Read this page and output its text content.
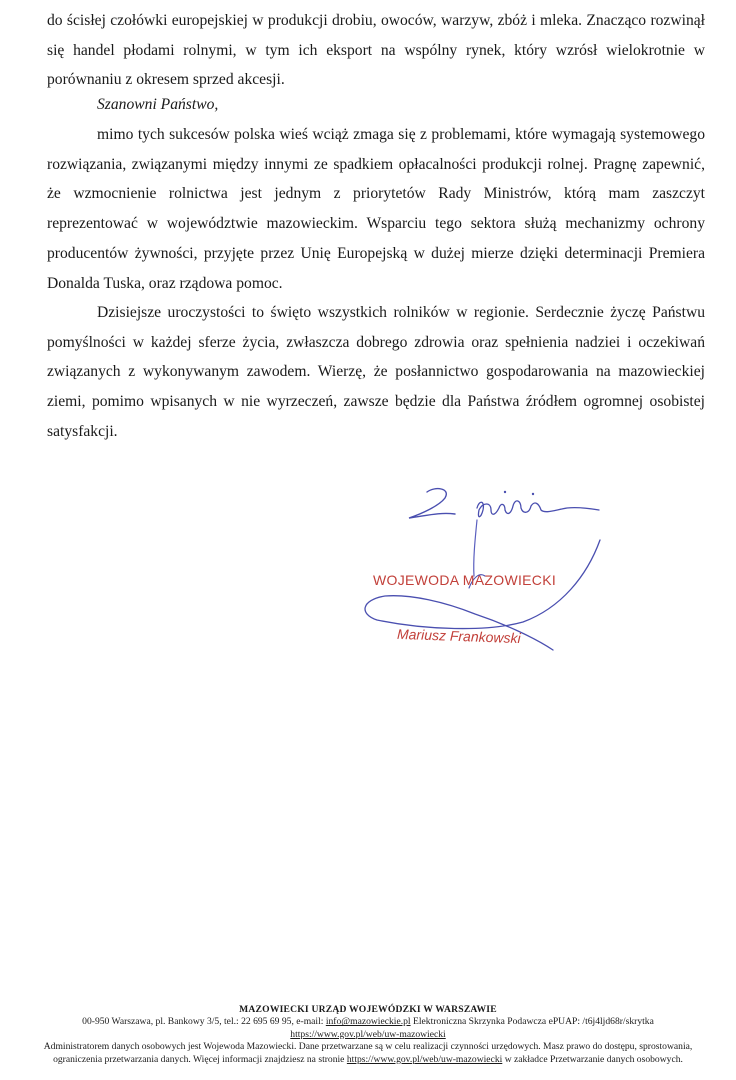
do ścisłej czołówki europejskiej w produkcji drobiu, owoców, warzyw, zbóż i mleka. Znacząco rozwinął się handel płodami rolnymi, w tym ich eksport na wspólny rynek, który wzrósł wielokrotnie w porównaniu z okresem sprzed akcesji.

Szanowni Państwo,

mimo tych sukcesów polska wieś wciąż zmaga się z problemami, które wymagają systemowego rozwiązania, związanymi między innymi ze spadkiem opłacalności produkcji rolnej. Pragnę zapewnić, że wzmocnienie rolnictwa jest jednym z priorytetów Rady Ministrów, którą mam zaszczyt reprezentować w województwie mazowieckim. Wsparciu tego sektora służą mechanizmy ochrony producentów żywności, przyjęte przez Unię Europejską w dużej mierze dzięki determinacji Premiera Donalda Tuska, oraz rządowa pomoc.

Dzisiejsze uroczystości to święto wszystkich rolników w regionie. Serdecznie życzę Państwu pomyślności w każdej sferze życia, zwłaszcza dobrego zdrowia oraz spełnienia nadziei i oczekiwań związanych z wykonywanym zawodem. Wierzę, że posłannictwo gospodarowania na mazowieckiej ziemi, pomimo wpisanych w nie wyrzeczeń, zawsze będzie dla Państwa źródłem ogromnej osobistej satysfakcji.

WOJEWODA MAZOWIECKI
Mariusz Frankowski
MAZOWIECKI URZĄD WOJEWÓDZKI W WARSZAWIE
00-950 Warszawa, pl. Bankowy 3/5, tel.: 22 695 69 95, e-mail: info@mazowieckie.pl Elektroniczna Skrzynka Podawcza ePUAP: /t6j4ljd68r/skrytka
https://www.gov.pl/web/uw-mazowiecki
Administratorem danych osobowych jest Wojewoda Mazowiecki. Dane przetwarzane są w celu realizacji czynności urzędowych. Masz prawo do dostępu, sprostowania, ograniczenia przetwarzania danych. Więcej informacji znajdziesz na stronie https://www.gov.pl/web/uw-mazowiecki w zakładce Przetwarzanie danych osobowych.
